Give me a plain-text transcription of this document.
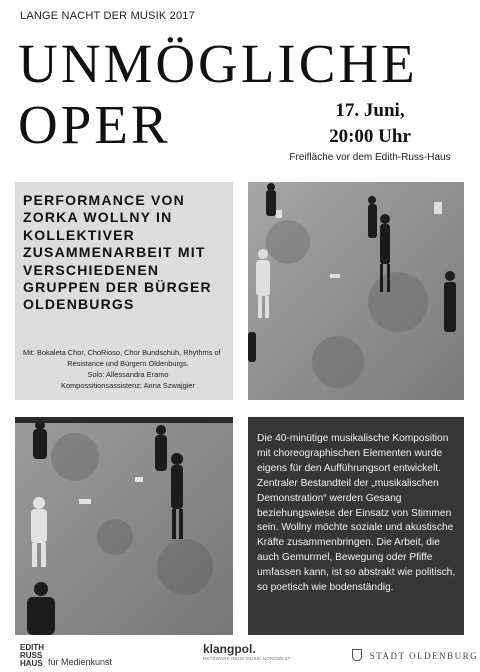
LANGE NACHT DER MUSIK 2017
UNMÖGLICHE
OPER	17. Juni,
20:00 Uhr
Freifläche vor dem Edith-Russ-Haus
PERFORMANCE VON ZORKA WOLLNY IN KOLLEKTIVER ZUSAMMENARBEIT MIT VERSCHIEDENEN GRUPPEN DER BÜRGER OLDENBURGS
Mit: Bokaleta Chor, ChoRioso, Chor Bundschuh, Rhythms of
Resistance und Bürgern Oldenburgs.
Solo: Allessandra Eramo
Kompossitionsassistenz: Anna Szwajgier
Die 40-minütige musikalische Komposition mit choreographischen Elementen wurde eigens für den Aufführungsort entwickelt. Zentraler Bestandteil der „musikalischen Demonstration“ werden Gesang beziehungswiese der Einsatz von Stimmen sein. Wollny möchte soziale und akustische Kräfte zusammenbringen. Die Arbeit, die auch Gemurmel, Bewegung oder Pfiffe umfassen kann, ist so abstrakt wie politisch, so poetisch wie bodenständig.
EDITH
RUSS
HAUS für Medienkunst
klangpol.
NETZWERK NEUE MUSIK NORDWEST	STADT OLDENBURG
